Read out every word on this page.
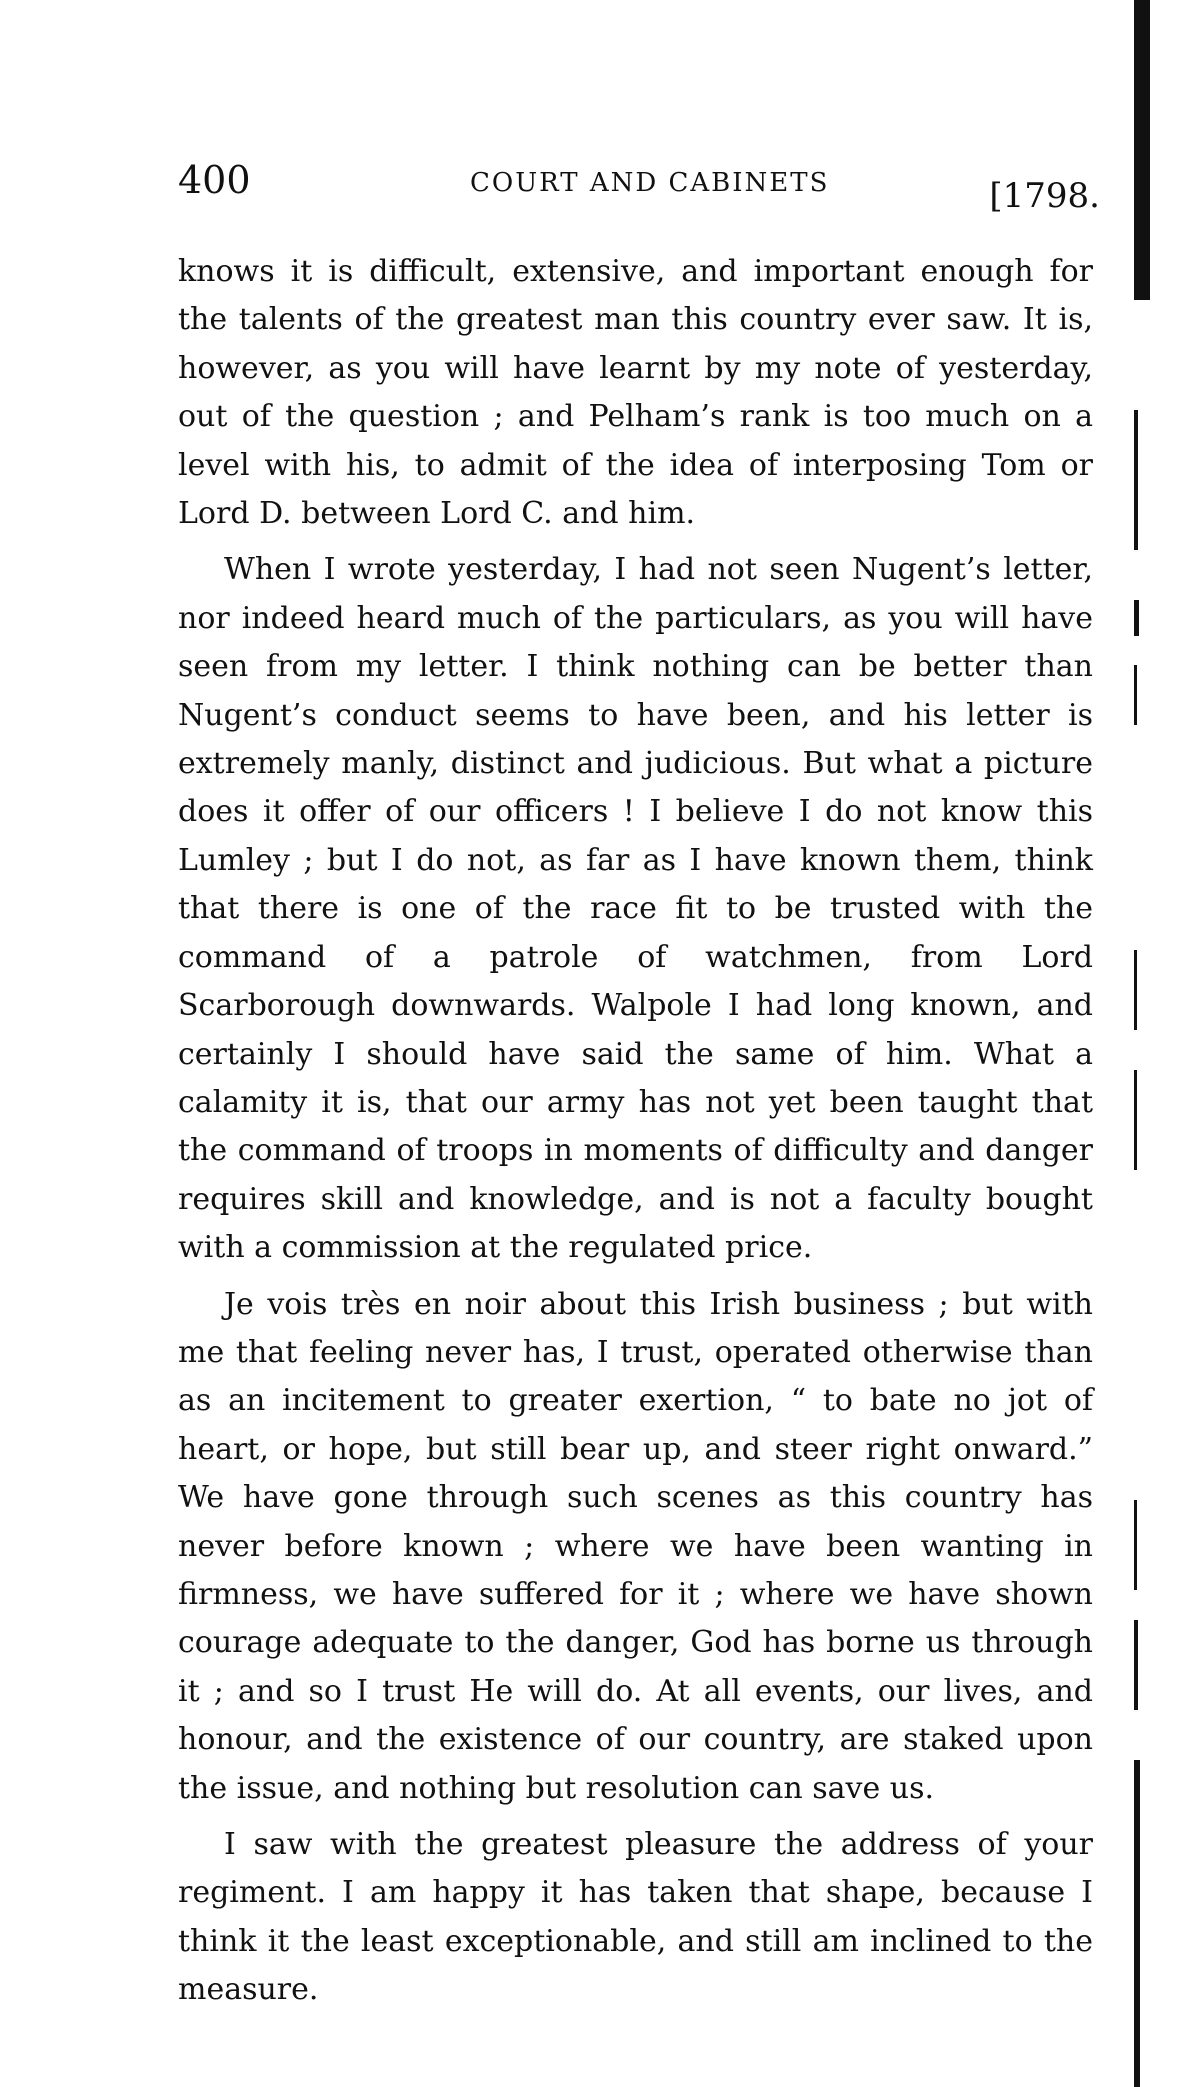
400	COURT AND CABINETS	[1798.

knows it is difficult, extensive, and important enough for the talents of the greatest man this country ever saw. It is, however, as you will have learnt by my note of yesterday, out of the question ; and Pelham’s rank is too much on a level with his, to admit of the idea of interposing Tom or Lord D. between Lord C. and him.

When I wrote yesterday, I had not seen Nugent’s letter, nor indeed heard much of the particulars, as you will have seen from my letter. I think nothing can be better than Nugent’s conduct seems to have been, and his letter is extremely manly, distinct and judicious. But what a picture does it offer of our officers ! I believe I do not know this Lumley ; but I do not, as far as I have known them, think that there is one of the race fit to be trusted with the command of a patrole of watchmen, from Lord Scarborough downwards. Walpole I had long known, and certainly I should have said the same of him. What a calamity it is, that our army has not yet been taught that the command of troops in moments of difficulty and danger requires skill and knowledge, and is not a faculty bought with a commission at the regulated price.

Je vois très en noir about this Irish business ; but with me that feeling never has, I trust, operated otherwise than as an incitement to greater exertion, “ to bate no jot of heart, or hope, but still bear up, and steer right onward.” We have gone through such scenes as this country has never before known ; where we have been wanting in firmness, we have suffered for it ; where we have shown courage adequate to the danger, God has borne us through it ; and so I trust He will do. At all events, our lives, and honour, and the existence of our country, are staked upon the issue, and nothing but resolution can save us.

I saw with the greatest pleasure the address of your regiment. I am happy it has taken that shape, because I think it the least exceptionable, and still am inclined to the measure.
